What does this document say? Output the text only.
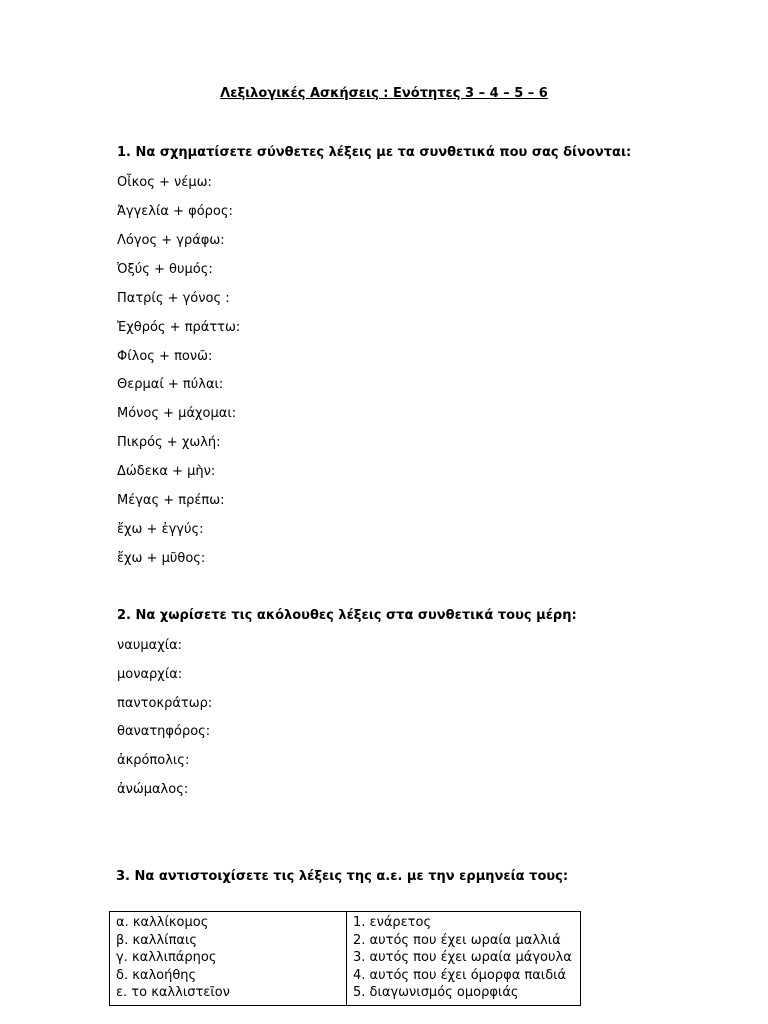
Λεξιλογικές Ασκήσεις : Ενότητες 3 – 4 – 5 – 6
1. Να σχηματίσετε σύνθετες λέξεις με τα συνθετικά που σας δίνονται:
Οἶκος + νέμω:
Ἀγγελία + φόρος:
Λόγος + γράφω:
Ὀξύς + θυμός:
Πατρίς + γόνος :
Ἐχθρός + πράττω:
Φίλος + πονῶ:
Θερμαί + πύλαι:
Μόνος + μάχομαι:
Πικρός + χωλή:
Δώδεκα + μὴν:
Μέγας + πρέπω:
ἔχω + ἐγγύς:
ἔχω + μῦθος:
2. Να χωρίσετε τις ακόλουθες λέξεις στα συνθετικά τους μέρη:
ναυμαχία:
μοναρχία:
παντοκράτωρ:
θανατηφόρος:
ἀκρόπολις:
ἀνώμαλος:
3. Να αντιστοιχίσετε τις λέξεις της α.ε. με την ερμηνεία τους:
α. καλλίκομος
β. καλλίπαις
γ. καλλιπάρηος
δ. καλοήθης
ε. το καλλιστεῖον

1. ενάρετος
2. αυτός που έχει ωραία μαλλιά
3. αυτός που έχει ωραία μάγουλα
4. αυτός που έχει όμορφα παιδιά
5. διαγωνισμός ομορφιάς
